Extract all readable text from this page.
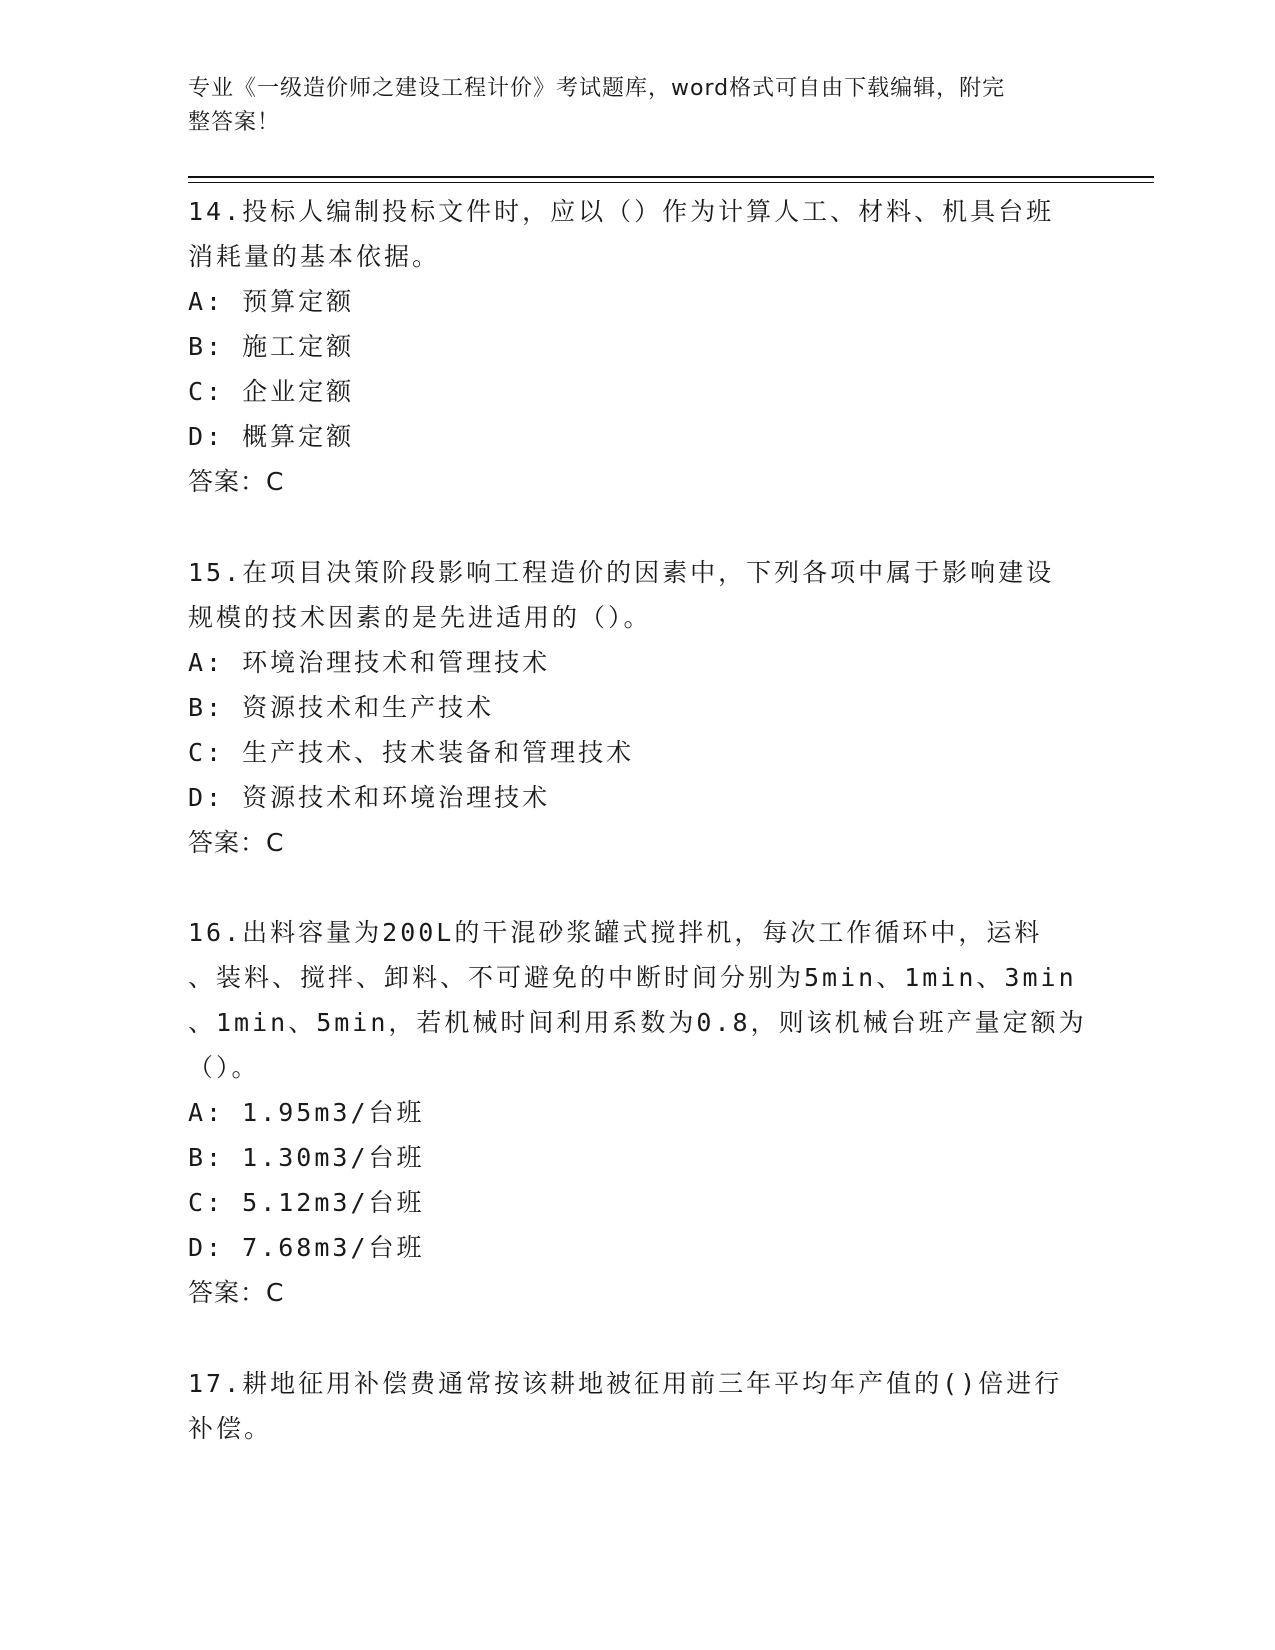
专业《一级造价师之建设工程计价》考试题库，word格式可自由下载编辑，附完
整答案！
14.投标人编制投标文件时，应以（）作为计算人工、材料、机具台班
消耗量的基本依据。
A: 预算定额
B: 施工定额
C: 企业定额
D: 概算定额
答案：C
15.在项目决策阶段影响工程造价的因素中，下列各项中属于影响建设
规模的技术因素的是先进适用的（）。
A: 环境治理技术和管理技术
B: 资源技术和生产技术
C: 生产技术、技术装备和管理技术
D: 资源技术和环境治理技术
答案：C
16.出料容量为200L的干混砂浆罐式搅拌机，每次工作循环中，运料
、装料、搅拌、卸料、不可避免的中断时间分别为5min、1min、3min
、1min、5min，若机械时间利用系数为0.8，则该机械台班产量定额为
（）。
A: 1.95m3/台班
B: 1.30m3/台班
C: 5.12m3/台班
D: 7.68m3/台班
答案：C
17.耕地征用补偿费通常按该耕地被征用前三年平均年产值的()倍进行
补偿。
